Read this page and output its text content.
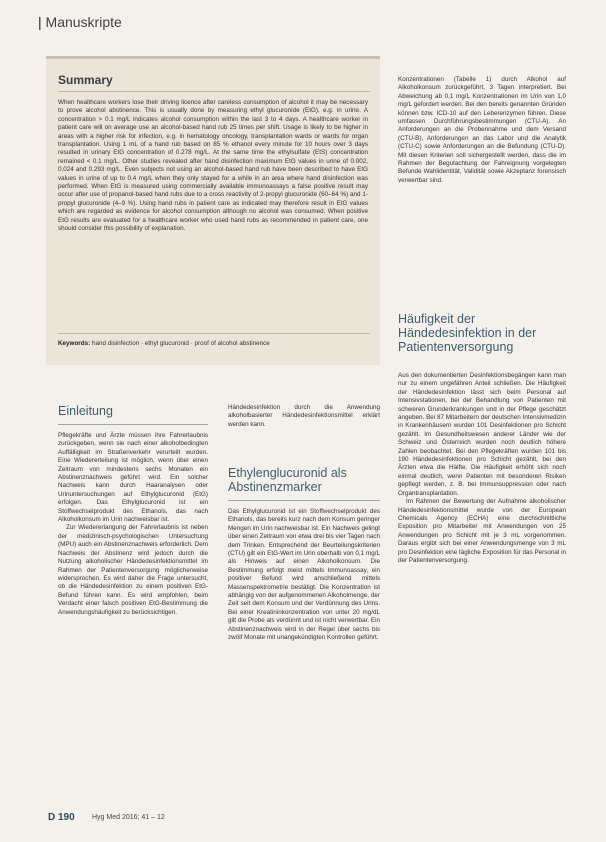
| Manuskripte
Summary
When healthcare workers lose their driving licence after careless consumption of alcohol it may be necessary to prove alcohol abstinence. This is usually done by measuring ethyl glucuronide (EtG), e.g. in urine. A concentration > 0.1 mg/L indicates alcohol consumption within the last 3 to 4 days. A healthcare worker in patient care will on average use an alcohol-based hand rub 25 times per shift. Usage is likely to be higher in areas with a higher risk for infection, e.g. in hematology oncology, transplantation wards or wards for organ transplantation. Using 1 mL of a hand rub based on 85 % ethanol every minute for 10 hours over 3 days resulted in urinary EtG concentration of 0.278 mg/L. At the same time the ethylsulfate (EtS) concentration remained < 0.1 mg/L. Other studies revealed after hand disinfection maximum EtG values in urine of 0.002, 0.024 and 0.293 mg/L. Even subjects not using an alcohol-based hand rub have been described to have EtG values in urine of up to 0.4 mg/L when they only stayed for a while in an area where hand disinfection was performed. When EtG is measured using commercially available immunoassays a false positive result may occur after use of propanol-based hand rubs due to a cross reactivity of 2-propyl glucuronide (60–64 %) and 1-propyl glucuronide (4–9 %). Using hand rubs in patient care as indicated may therefore result in EtG values which are regarded as evidence for alcohol consumption although no alcohol was consumed. When positive EtG results are evaluated for a healthcare worker who used hand rubs as recommended in patient care, one should consider this possibility of explanation.
Keywords: hand disinfection · ethyl glucuronid · proof of alcohol abstinence

Konzentrationen (Tabelle 1) durch Alkohol auf Alkoholkonsum zurückgeführt, 3 Tagen interpretiert. Bei Abweichung ab 0,1 mg/L Konzentrationen im Urin von 1,0 mg/L gefordert werden. Bei den bereits genannten Gründen können bzw. ICD-10 auf den Leberenzymen führen. Diese umfassen Durchführungsbestimmungen (CTU-A). An Anforderungen an die Probennahme und dem Versand (CTU-B), Anforderungen an das Labor und die Analytik (CTU-C) sowie Anforderungen an die Befundung (CTU-D). Mit diesen Kriterien soll sichergestellt werden, dass die im Rahmen der Begutachtung der Fahreignung vorgelegten Befunde Wahlidentität, Validität sowie Akzeptanz forensisch verwertbar sind.

Häufigkeit der Händedesinfektion in der Patientenversorgung

Aus den dokumentierten Desinfektionsbegängen kann man nur zu einem ungefähren Anteil schließen. Die Häufigkeit der Händedesinfektion lässt sich beim Personal auf Intensivstationen, bei der Behandlung von Patienten mit schweren Grunderkrankungen und in der Pflege geschätzt angeben. Bei 87 Mitarbeitern der deutschen Intensivmedizin in Krankenhäusern wurden 101 Desinfektionen pro Schicht gezählt. Im Gesundheitswesen anderer Länder wie der Schweiz und Österreich wurden noch deutlich höhere Zahlen beobachtet. Bei den Pflegekräften wurden 101 bis 190 Händedesinfektionen pro Schicht gezählt, bei den Ärzten etwa die Hälfte. Die Häufigkeit erhöht sich noch einmal deutlich, wenn Patienten mit besonderen Risiken gepflegt werden, z. B. bei Immunsuppression oder nach Organtransplantation.

Im Rahmen der Bewertung der Aufnahme alkoholischer Händedesinfektionsmittel wurde von der European Chemicals Agency (ECHA) eine durchschnittliche Exposition pro Mitarbeiter mit Anwendungen von 25 Anwendungen pro Schicht mit je 3 mL vorgenommen. Daraus ergibt sich bei einer Anwendungsmenge von 3 mL pro Desinfektion eine tägliche Exposition für das Personal in der Patientenversorgung.

Einleitung

Pflegekräfte und Ärzte müssen ihre Fahrerlaubnis zurückgeben, wenn sie nach einer alkoholbedingten Auffälligkeit im Straßenverkehr verurteilt wurden. Eine Wiedererteilung ist möglich, wenn über einen Zeitraum von mindestens sechs Monaten ein Abstinenznachweis geführt wird. Ein solcher Nachweis kann durch Haaranalysen oder Urinuntersuchungen auf Ethylglucuronid (EtG) erfolgen. Das Ethylglucuronid ist ein Stoffwechselprodukt des Ethanols, das nach Alkoholkonsum im Urin nachweisbar ist.

Zur Wiedererlangung der Fahrerlaubnis ist neben der medizinisch-psychologischen Untersuchung (MPU) auch ein Abstinenznachweis erforderlich. Dem Nachweis der Abstinenz wird jedoch durch die Nutzung alkoholischer Händedesinfektionsmittel im Rahmen der Patientenversorgung möglicherweise widersprochen. Es wird daher die Frage untersucht, ob die Händedesinfektion zu einem positiven EtG-Befund führen kann. Es wird empfohlen, beim Verdacht einer falsch positiven EtG-Bestimmung die Anwendungshäufigkeit zu berücksichtigen.

Händedesinfektion durch die Anwendung alkoholbasierter Händedesinfektionsmittel erklärt werden kann.

Ethylenglucuronid als Abstinenzmarker

Das Ethylglucuronid ist ein Stoffwechselprodukt des Ethanols, das bereits kurz nach dem Konsum geringer Mengen im Urin nachweisbar ist. Ein Nachweis gelingt über einen Zeitraum von etwa drei bis vier Tagen nach dem Trinken. Entsprechend der Beurteilungskriterien (CTU) gilt ein EtG-Wert im Urin oberhalb von 0,1 mg/L als Hinweis auf einen Alkoholkonsum. Die Bestimmung erfolgt meist mittels Immunoassay, ein positiver Befund wird anschließend mittels Massenspektrometrie bestätigt. Die Konzentration ist abhängig von der aufgenommenen Alkoholmenge, der Zeit seit dem Konsum und der Verdünnung des Urins. Bei einer Kreatininkonzentration von unter 20 mg/dL gilt die Probe als verdünnt und ist nicht verwertbar. Ein Abstinenznachweis wird in der Regel über sechs bis zwölf Monate mit unangekündigten Kontrollen geführt.

D 190 Hyg Med 2016; 41 – 12
